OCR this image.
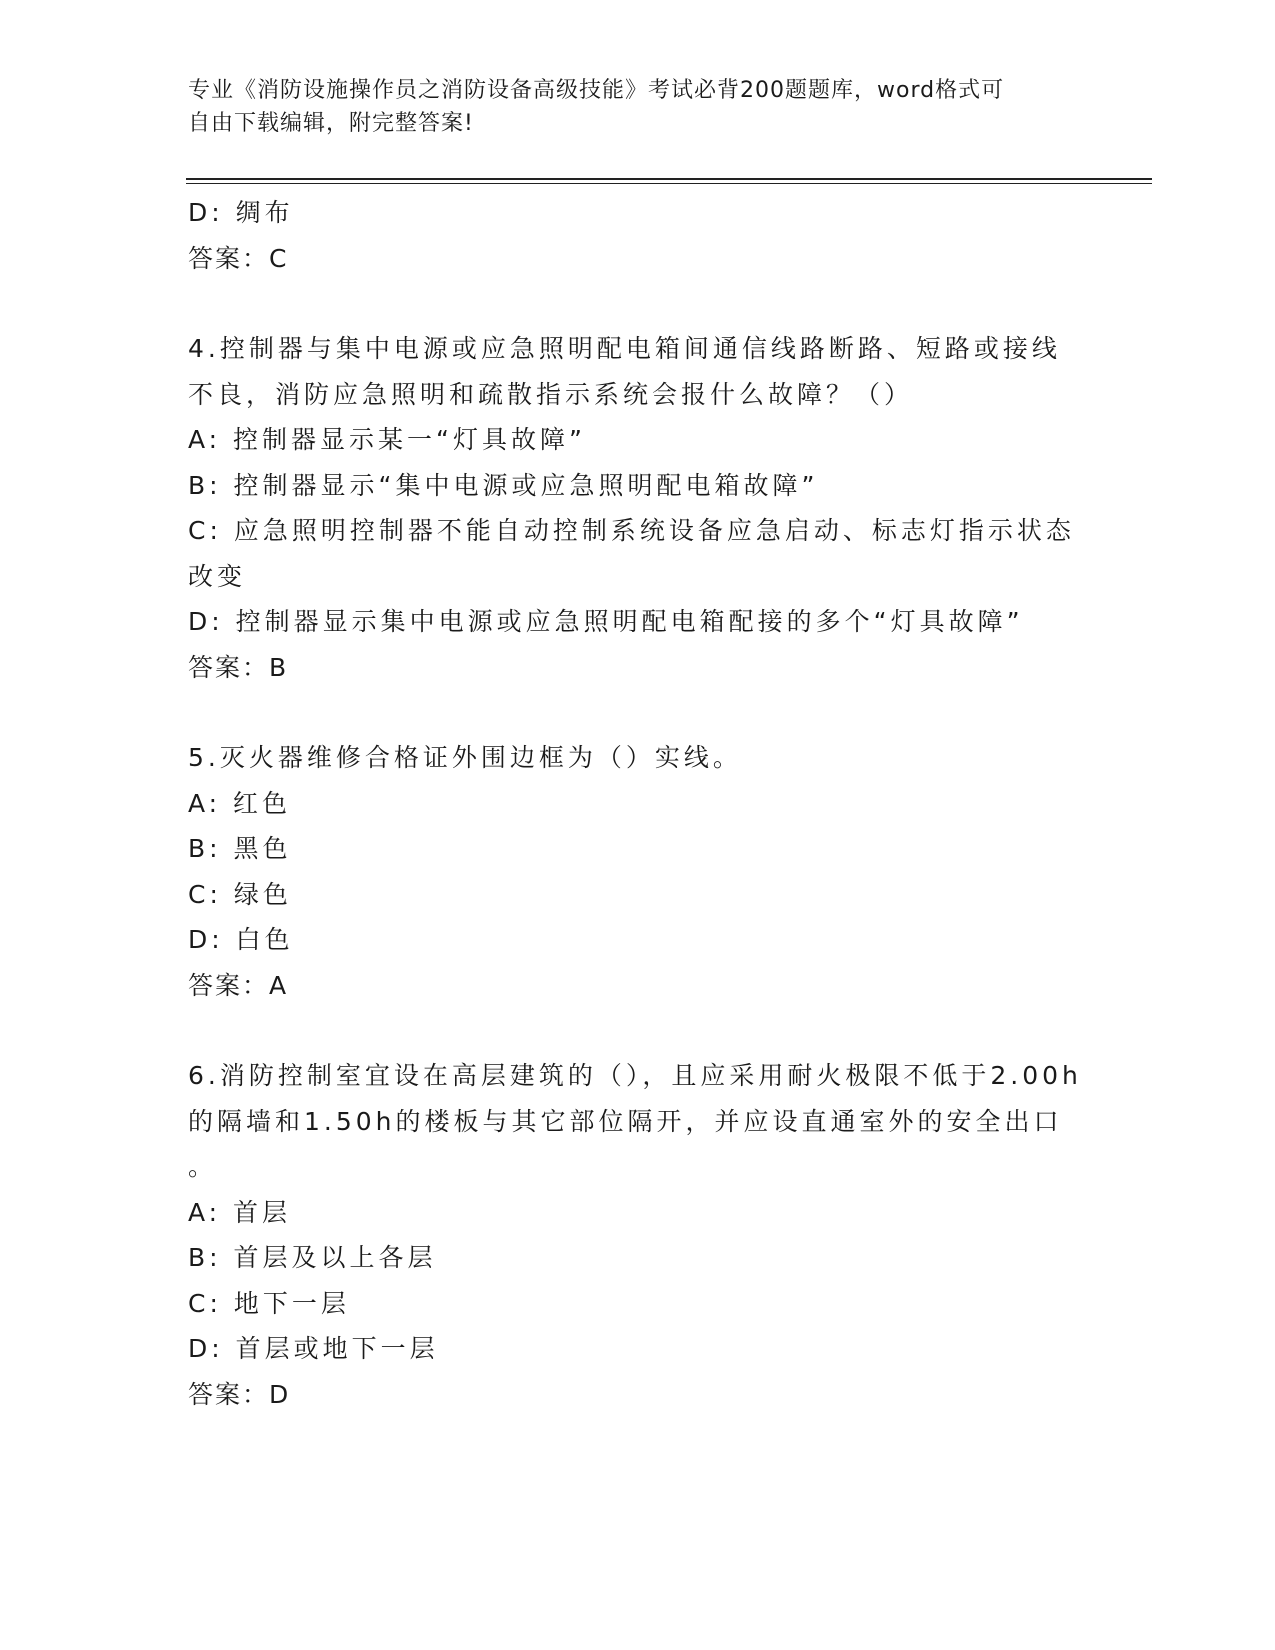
专业《消防设施操作员之消防设备高级技能》考试必背200题题库，word格式可
自由下载编辑，附完整答案!
D: 绸布
答案：C
4.控制器与集中电源或应急照明配电箱间通信线路断路、短路或接线
不良，消防应急照明和疏散指示系统会报什么故障？（）
A: 控制器显示某一“灯具故障”
B: 控制器显示“集中电源或应急照明配电箱故障”
C: 应急照明控制器不能自动控制系统设备应急启动、标志灯指示状态
改变
D: 控制器显示集中电源或应急照明配电箱配接的多个“灯具故障”
答案：B
5.灭火器维修合格证外围边框为（）实线。
A: 红色
B: 黑色
C: 绿色
D: 白色
答案：A
6.消防控制室宜设在高层建筑的（），且应采用耐火极限不低于2.00h
的隔墙和1.50h的楼板与其它部位隔开，并应设直通室外的安全出口
。
A: 首层
B: 首层及以上各层
C: 地下一层
D: 首层或地下一层
答案：D
